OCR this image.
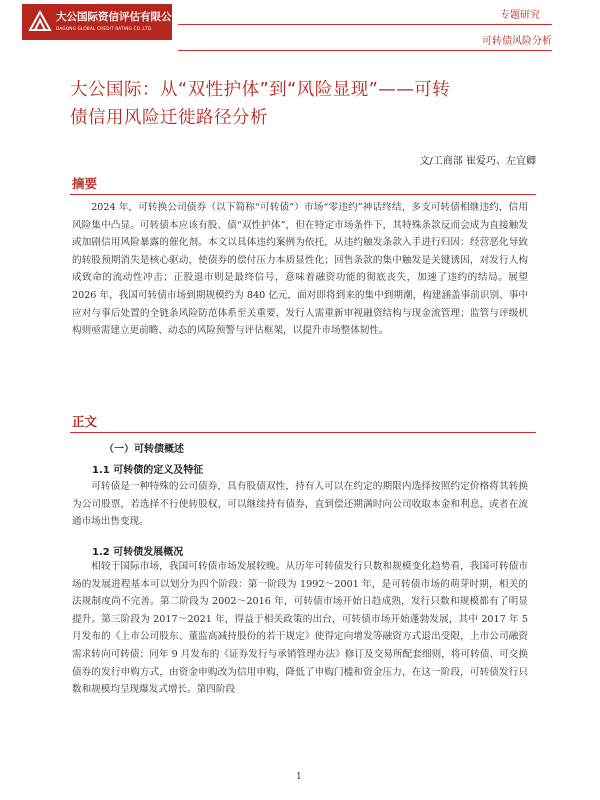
大公国际资信评估有限公司
DAGONG GLOBAL CREDIT RATING CO.,LTD.
专题研究
可转债风险分析
大公国际：从“双性护体”到“风险显现”——可转
债信用风险迁徙路径分析
文/工商部 崔爱巧、左宜卿
摘要
2024 年，可转换公司债券（以下简称“可转债”）市场“零违约”神话终结，多支可转债相继违约，信用风险集中凸显。可转债本应该有股、债“双性护体”，但在特定市场条件下，其特殊条款反而会成为直接触发或加剧信用风险暴露的催化剂。本文以具体违约案例为依托，从违约触发条款入手进行归因：经营恶化导致的转股预期消失是核心驱动，使债券的偿付压力本质显性化；回售条款的集中触发是关键诱因，对发行人构成致命的流动性冲击；正股退市则是最终信号，意味着融资功能的彻底丧失，加速了违约的结局。展望 2026 年，我国可转债市场到期规模约为 840 亿元，面对即将到来的集中到期潮，构建涵盖事前识别、事中应对与事后处置的全链条风险防范体系至关重要，发行人需重新审视融资结构与现金流管理；监管与评级机构则亟需建立更前瞻、动态的风险预警与评估框架，以提升市场整体韧性。
正文
（一）可转债概述
1.1 可转债的定义及特征
可转债是一种特殊的公司债券，具有股债双性，持有人可以在约定的期限内选择按照约定价格将其转换为公司股票，若选择不行使转股权，可以继续持有债券，直到偿还期满时向公司收取本金和利息，或者在流通市场出售变现。
1.2 可转债发展概况
相较于国际市场，我国可转债市场发展较晚。从历年可转债发行只数和规模变化趋势看，我国可转债市场的发展进程基本可以划分为四个阶段：第一阶段为 1992～2001 年，是可转债市场的萌芽时期，相关的法规制度尚不完善。第二阶段为 2002～2016 年，可转债市场开始日趋成熟，发行只数和规模都有了明显提升。第三阶段为 2017～2021 年，得益于相关政策的出台，可转债市场开始蓬勃发展，其中 2017 年 5 月发布的《上市公司股东、董监高减持股份的若干规定》使得定向增发等融资方式退出受限，上市公司融资需求转向可转债；同年 9 月发布的《证券发行与承销管理办法》修订及交易所配套细则，将可转债、可交换债券的发行申购方式，由资金申购改为信用申购，降低了申购门槛和资金压力，在这一阶段，可转债发行只数和规模均呈现爆发式增长。第四阶段
1
